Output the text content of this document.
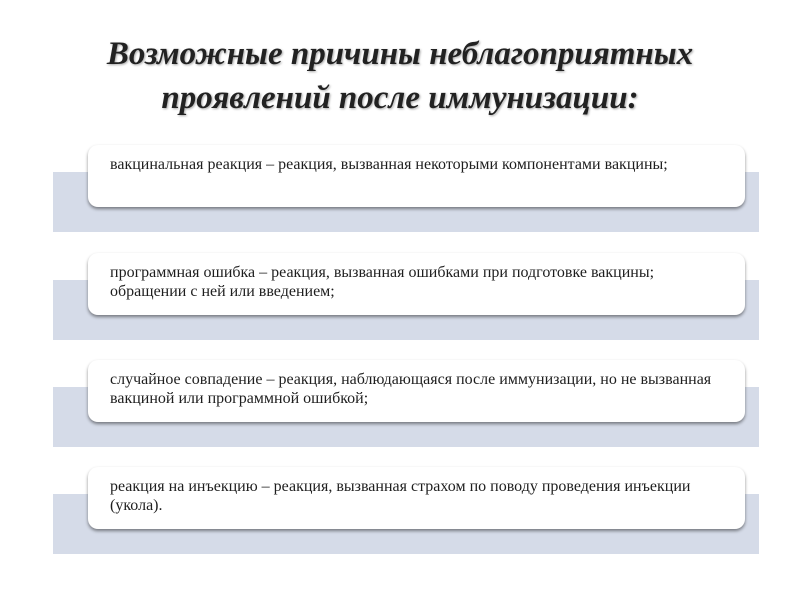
Возможные причины неблагоприятных
проявлений после иммунизации:
вакцинальная реакция – реакция, вызванная некоторыми компонентами вакцины;
программная ошибка – реакция, вызванная ошибками при подготовке вакцины; обращении с ней или введением;
случайное совпадение – реакция, наблюдающаяся после иммунизации, но не вызванная вакциной или программной ошибкой;
реакция на инъекцию – реакция, вызванная страхом по поводу проведения инъекции (укола).
